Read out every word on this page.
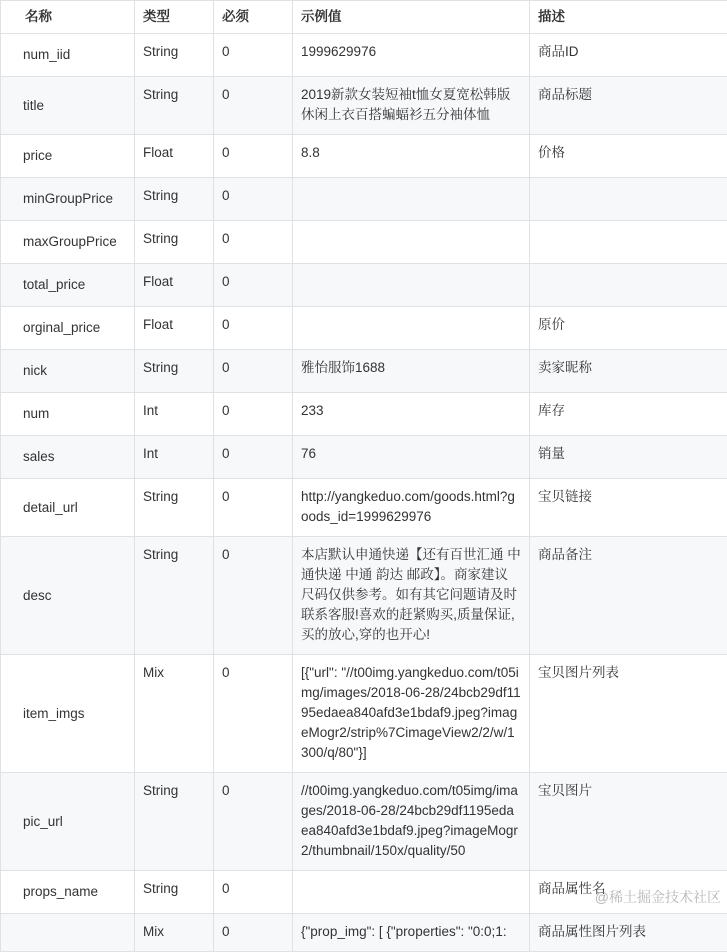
名称	类型	必须	示例值	描述
num_iid	String	0	1999629976	商品ID
title	String	0	2019新款女装短袖t恤女夏宽松韩版休闲上衣百搭蝙蝠衫五分袖体恤	商品标题
price	Float	0	8.8	价格
minGroupPrice	String	0		
maxGroupPrice	String	0		
total_price	Float	0		
orginal_price	Float	0		原价
nick	String	0	雅怡服饰1688	卖家昵称
num	Int	0	233	库存
sales	Int	0	76	销量
detail_url	String	0	http://yangkeduo.com/goods.html?goods_id=1999629976	宝贝链接
desc	String	0	本店默认申通快递【还有百世汇通 中通快递 中通 韵达 邮政】。商家建议尺码仅供参考。如有其它问题请及时联系客服!喜欢的赶紧购买,质量保证,买的放心,穿的也开心!	商品备注
item_imgs	Mix	0	[{"url": "//t00img.yangkeduo.com/t05img/images/2018-06-28/24bcb29df1195edaea840afd3e1bdaf9.jpeg?imageMogr2/strip%7CimageView2/2/w/1300/q/80"}]	宝贝图片列表
pic_url	String	0	//t00img.yangkeduo.com/t05img/images/2018-06-28/24bcb29df1195edaea840afd3e1bdaf9.jpeg?imageMogr2/thumbnail/150x/quality/50	宝贝图片
props_name	String	0		商品属性名
	Mix	0	{"prop_img": [ {"properties": "0:0;1:	商品属性图片列表
@稀土掘金技术社区
